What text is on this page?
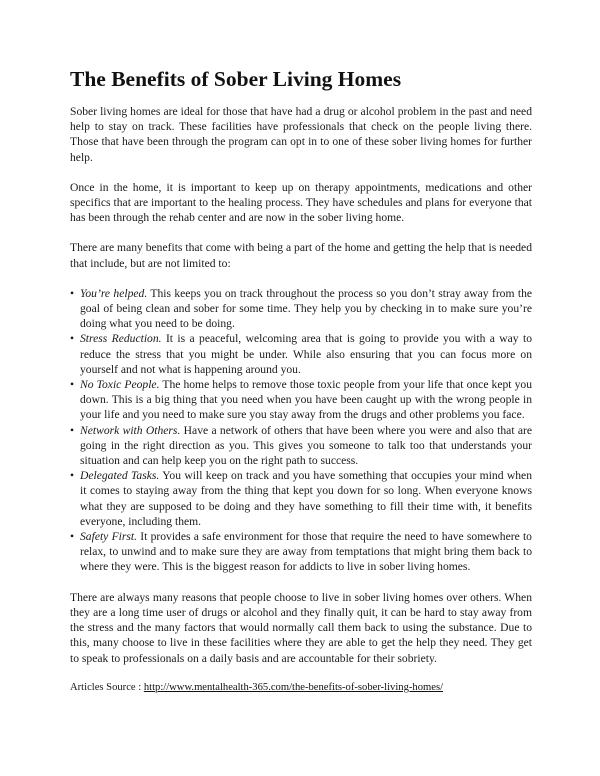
The Benefits of Sober Living Homes

Sober living homes are ideal for those that have had a drug or alcohol problem in the past and need help to stay on track. These facilities have professionals that check on the people living there. Those that have been through the program can opt in to one of these sober living homes for further help.

Once in the home, it is important to keep up on therapy appointments, medications and other specifics that are important to the healing process. They have schedules and plans for everyone that has been through the rehab center and are now in the sober living home.

There are many benefits that come with being a part of the home and getting the help that is needed that include, but are not limited to:

• You’re helped. This keeps you on track throughout the process so you don’t stray away from the goal of being clean and sober for some time. They help you by checking in to make sure you’re doing what you need to be doing.
• Stress Reduction. It is a peaceful, welcoming area that is going to provide you with a way to reduce the stress that you might be under. While also ensuring that you can focus more on yourself and not what is happening around you.
• No Toxic People. The home helps to remove those toxic people from your life that once kept you down. This is a big thing that you need when you have been caught up with the wrong people in your life and you need to make sure you stay away from the drugs and other problems you face.
• Network with Others. Have a network of others that have been where you were and also that are going in the right direction as you. This gives you someone to talk too that understands your situation and can help keep you on the right path to success.
• Delegated Tasks. You will keep on track and you have something that occupies your mind when it comes to staying away from the thing that kept you down for so long. When everyone knows what they are supposed to be doing and they have something to fill their time with, it benefits everyone, including them.
• Safety First. It provides a safe environment for those that require the need to have somewhere to relax, to unwind and to make sure they are away from temptations that might bring them back to where they were. This is the biggest reason for addicts to live in sober living homes.

There are always many reasons that people choose to live in sober living homes over others. When they are a long time user of drugs or alcohol and they finally quit, it can be hard to stay away from the stress and the many factors that would normally call them back to using the substance. Due to this, many choose to live in these facilities where they are able to get the help they need. They get to speak to professionals on a daily basis and are accountable for their sobriety.

Articles Source : http://www.mentalhealth-365.com/the-benefits-of-sober-living-homes/
